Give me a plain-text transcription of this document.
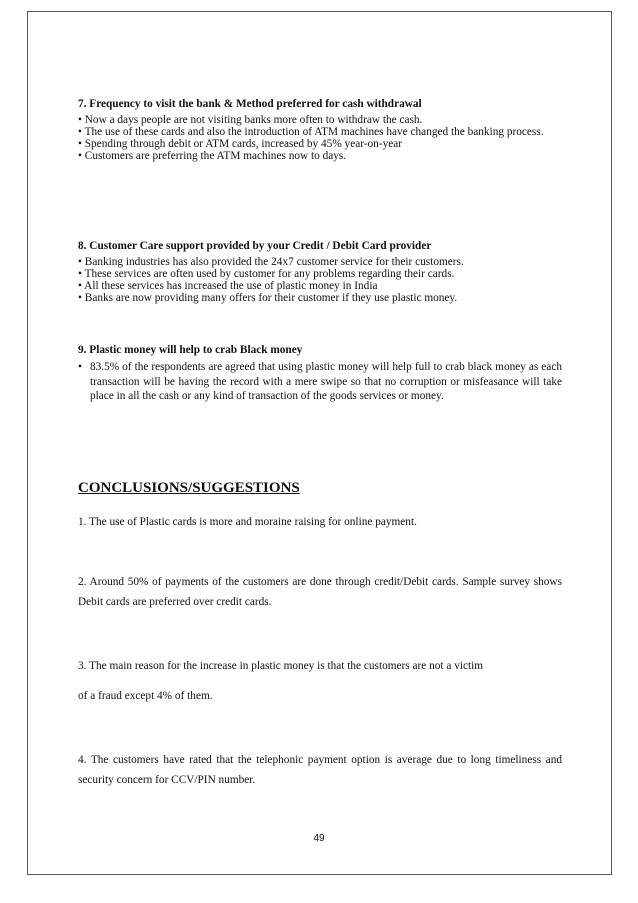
7. Frequency to visit the bank & Method preferred for cash withdrawal

• Now a days people are not visiting banks more often to withdraw the cash.
• The use of these cards and also the introduction of ATM machines have changed the banking process.
• Spending through debit or ATM cards, increased by 45% year-on-year
• Customers are preferring the ATM machines now to days.

8. Customer Care support provided by your Credit / Debit Card provider

• Banking industries has also provided the 24x7 customer service for their customers.
• These services are often used by customer for any problems regarding their cards.
• All these services has increased the use of plastic money in India
• Banks are now providing many offers for their customer if they use plastic money.

9. Plastic money will help to crab Black money

• 83.5% of the respondents are agreed that using plastic money will help full to crab black money as each transaction will be having the record with a mere swipe so that no corruption or misfeasance will take place in all the cash or any kind of transaction of the goods services or money.

CONCLUSIONS/SUGGESTIONS

1. The use of Plastic cards is more and moraine raising for online payment.

2. Around 50% of payments of the customers are done through credit/Debit cards. Sample survey shows Debit cards are preferred over credit cards.

3. The main reason for the increase in plastic money is that the customers are not a victim

of a fraud except 4% of them.

4. The customers have rated that the telephonic payment option is average due to long timeliness and security concern for CCV/PIN number.

49
